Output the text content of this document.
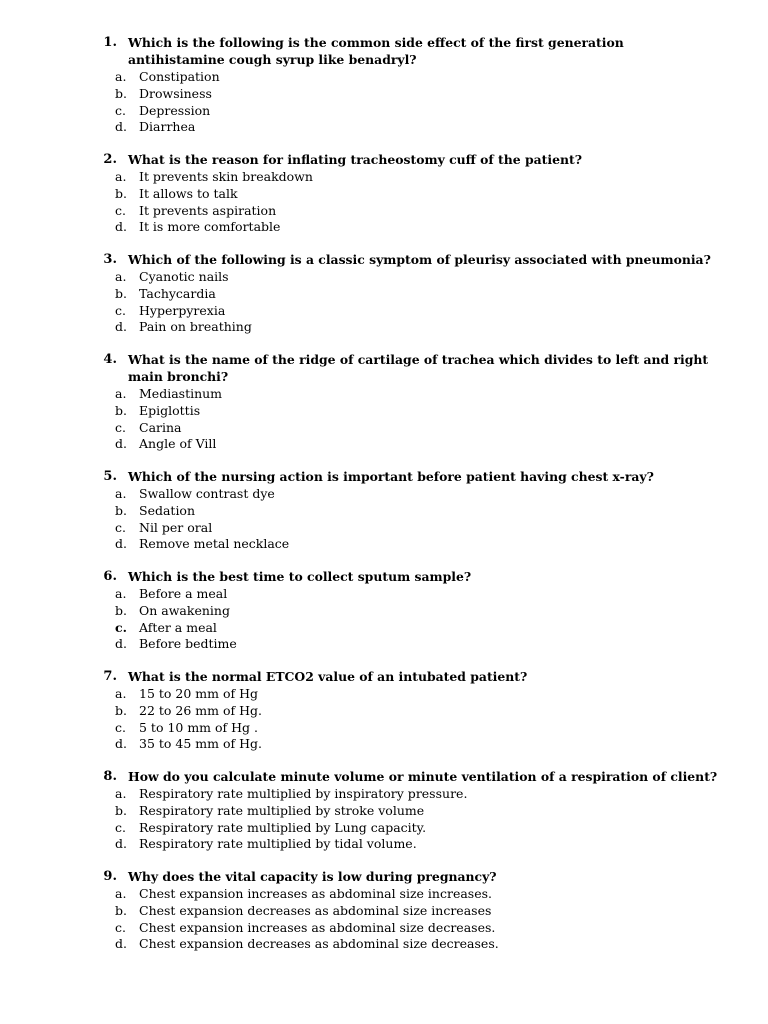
1. Which is the following is the common side effect of the first generation antihistamine cough syrup like benadryl?
a.	Constipation
b. Drowsiness
c.	Depression
d. Diarrhea
2. What is the reason for inflating tracheostomy cuff of the patient?
a.	It prevents skin breakdown
b. It allows to talk
c.	It prevents aspiration
d. It is more comfortable
3. Which of the following is a classic symptom of pleurisy associated with pneumonia?
a.	Cyanotic nails
b. Tachycardia
c.	Hyperpyrexia
d. Pain on breathing
4. What is the name of the ridge of cartilage of trachea which divides to left and right main bronchi?
a.	Mediastinum
b. Epiglottis
c.	Carina
d. Angle of Vill
5. Which of the nursing action is important before patient having chest x-ray?
a.	Swallow contrast dye
b. Sedation
c.	Nil per oral
d. Remove metal necklace
6. Which is the best time to collect sputum sample?
a.	Before a meal
b. On awakening
c. After a meal
d. Before bedtime
7. What is the normal ETCO2 value of an intubated patient?
a.	15 to 20 mm of Hg
b. 22 to 26 mm of Hg.
c.	5 to 10 mm of Hg .
d. 35 to 45 mm of Hg.
8. How do you calculate minute volume or minute ventilation of a respiration of client?
a.	Respiratory rate multiplied by inspiratory pressure.
b. Respiratory rate multiplied by stroke volume
c.	Respiratory rate multiplied by Lung capacity.
d. Respiratory rate multiplied by tidal volume.
9. Why does the vital capacity is low during pregnancy?
a.	Chest expansion increases as abdominal size increases.
b. Chest expansion decreases as abdominal size increases
c.	Chest expansion increases as abdominal size decreases.
d. Chest expansion decreases as abdominal size decreases.
